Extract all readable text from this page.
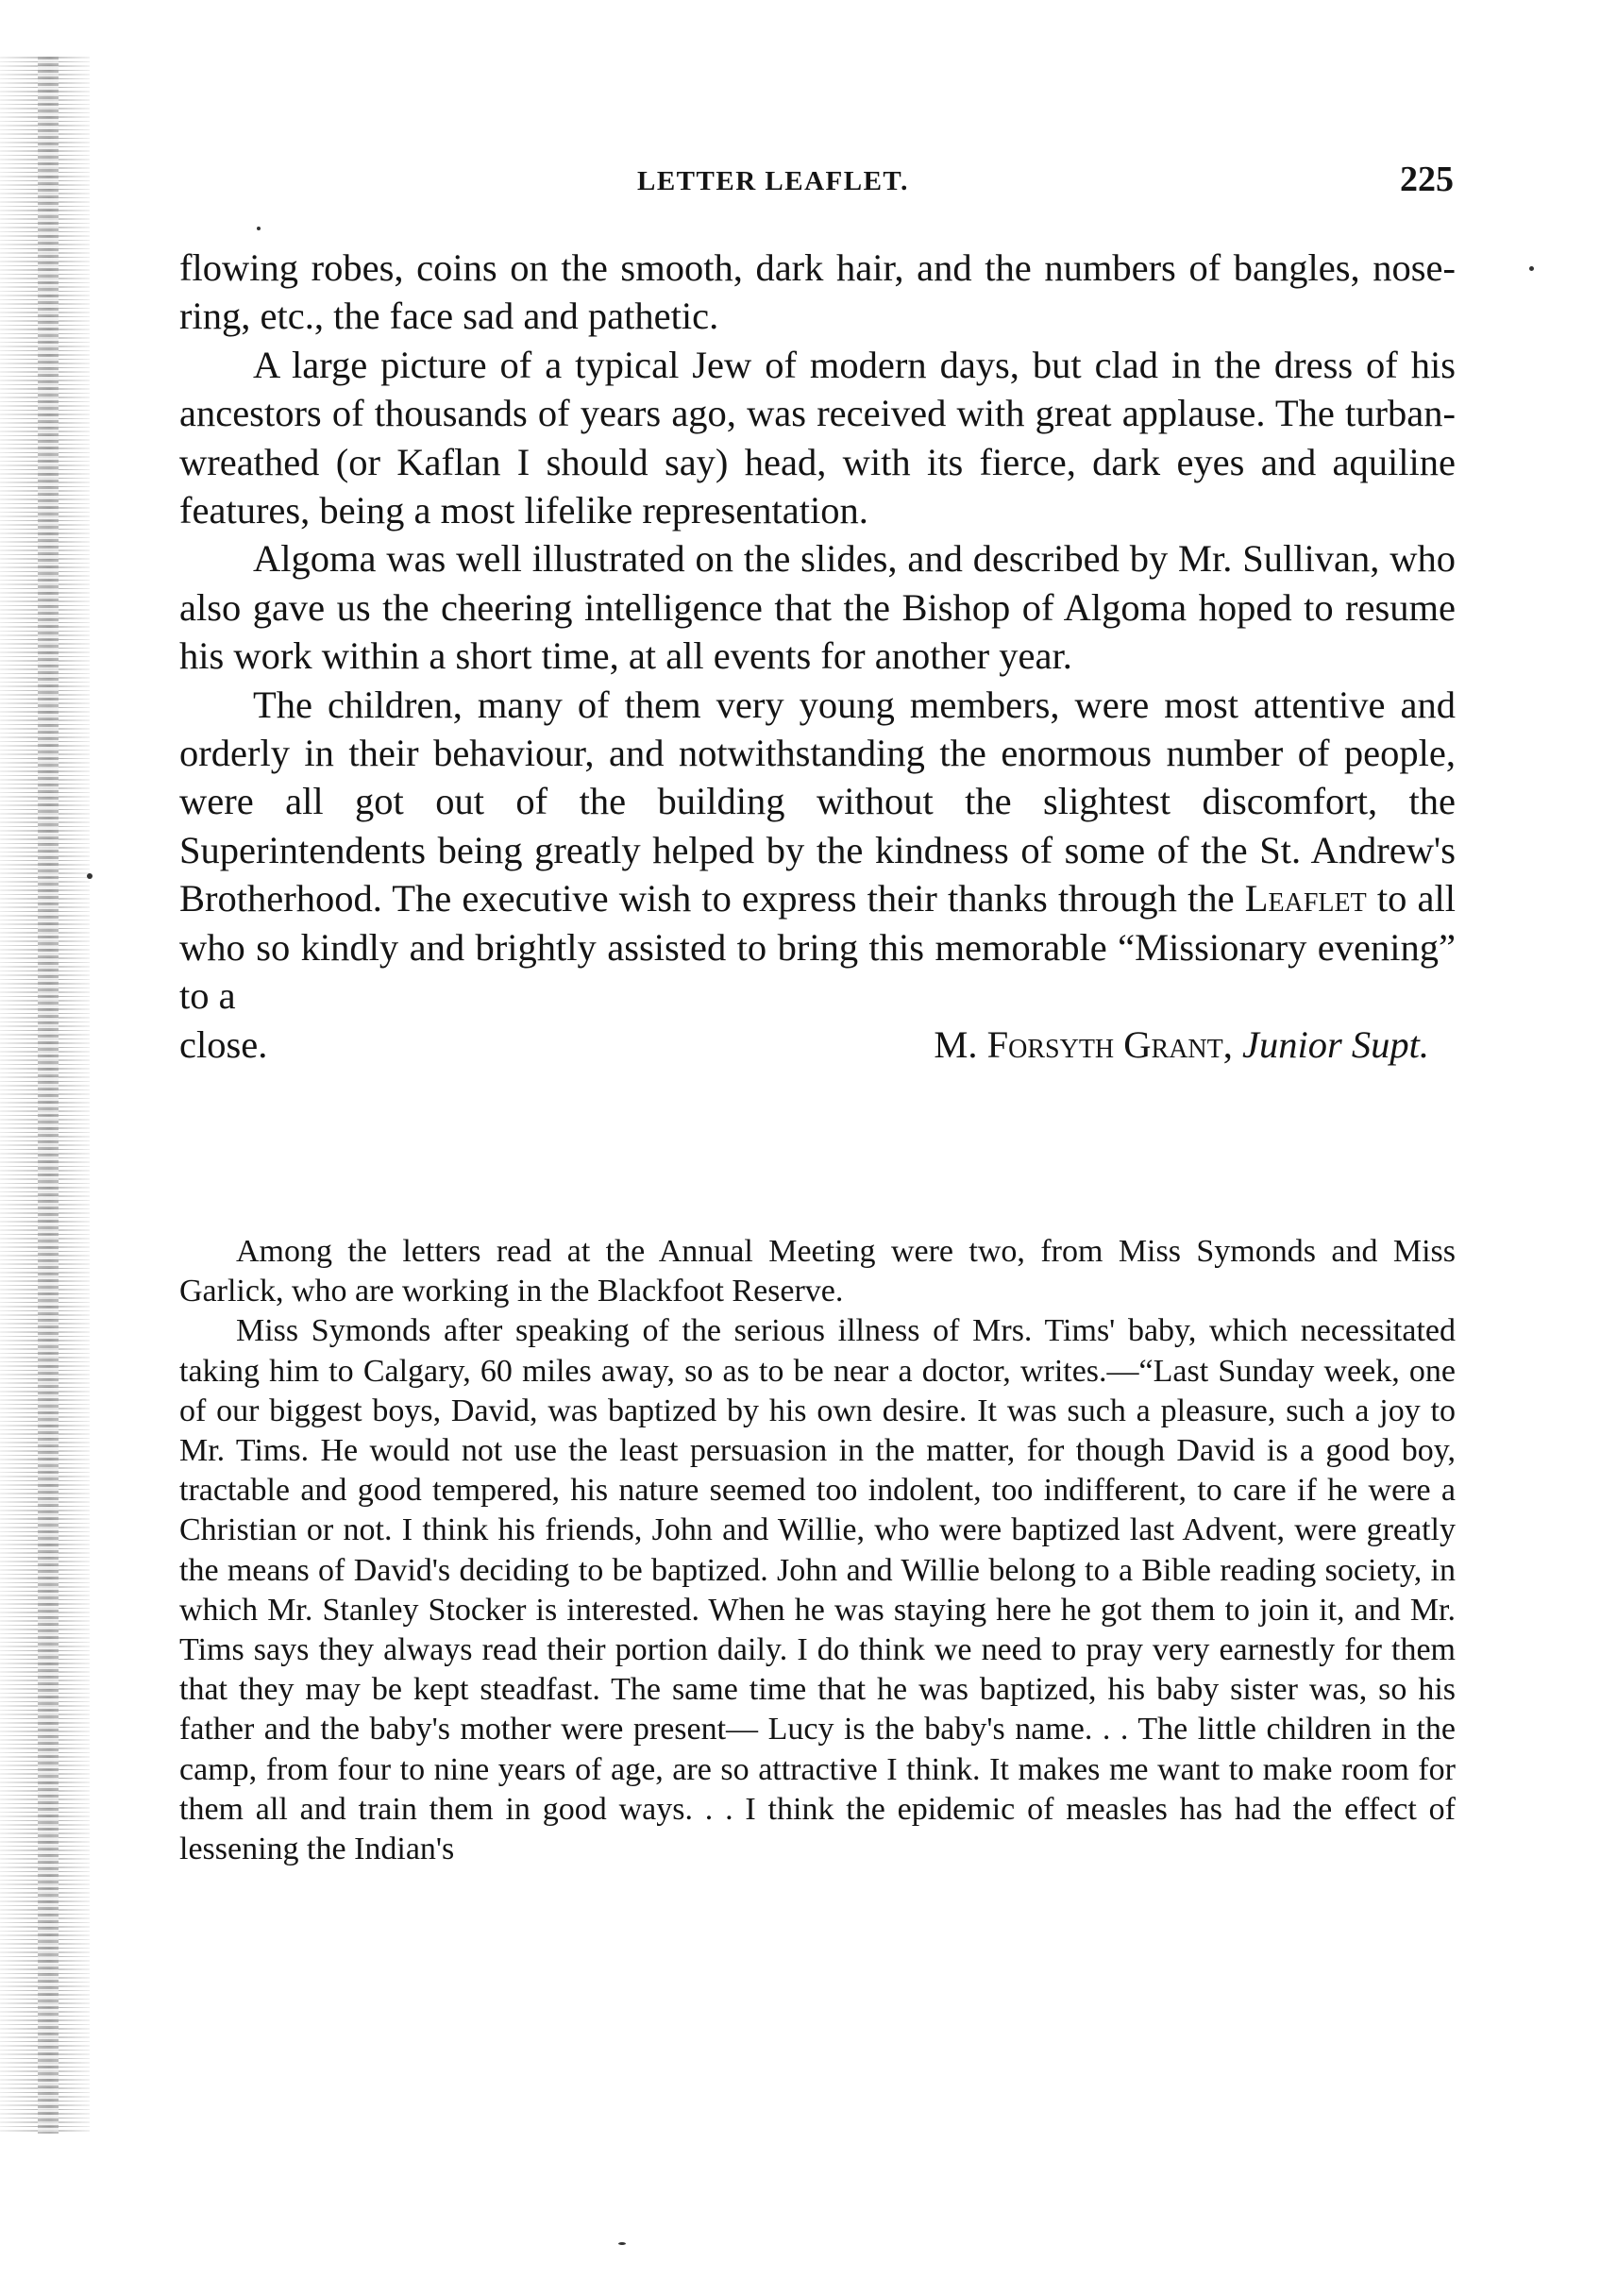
LETTER LEAFLET.	225

flowing robes, coins on the smooth, dark hair, and the numbers of bangles, nose-ring, etc., the face sad and pathetic.

A large picture of a typical Jew of modern days, but clad in the dress of his ancestors of thousands of years ago, was received with great applause. The turban-wreathed (or Kaflan I should say) head, with its fierce, dark eyes and aquiline features, being a most lifelike representation.

Algoma was well illustrated on the slides, and described by Mr. Sullivan, who also gave us the cheering intelligence that the Bishop of Algoma hoped to resume his work within a short time, at all events for another year.

The children, many of them very young members, were most attentive and orderly in their behaviour, and notwithstanding the enormous number of people, were all got out of the building without the slightest discomfort, the Superintendents being greatly helped by the kindness of some of the St. Andrew's Brotherhood. The executive wish to express their thanks through the Leaflet to all who so kindly and brightly assisted to bring this memorable “Missionary evening” to a

close.	M. Forsyth Grant, Junior Supt.

Among the letters read at the Annual Meeting were two, from Miss Symonds and Miss Garlick, who are working in the Blackfoot Reserve.

Miss Symonds after speaking of the serious illness of Mrs. Tims' baby, which necessitated taking him to Calgary, 60 miles away, so as to be near a doctor, writes.—“Last Sunday week, one of our biggest boys, David, was baptized by his own desire. It was such a pleasure, such a joy to Mr. Tims. He would not use the least persuasion in the matter, for though David is a good boy, tractable and good tempered, his nature seemed too indolent, too indifferent, to care if he were a Christian or not. I think his friends, John and Willie, who were baptized last Advent, were greatly the means of David's deciding to be baptized. John and Willie belong to a Bible reading society, in which Mr. Stanley Stocker is interested. When he was staying here he got them to join it, and Mr. Tims says they always read their portion daily. I do think we need to pray very earnestly for them that they may be kept steadfast. The same time that he was baptized, his baby sister was, so his father and the baby's mother were present— Lucy is the baby's name. . . The little children in the camp, from four to nine years of age, are so attractive I think. It makes me want to make room for them all and train them in good ways. . . I think the epidemic of measles has had the effect of lessening the Indian's
